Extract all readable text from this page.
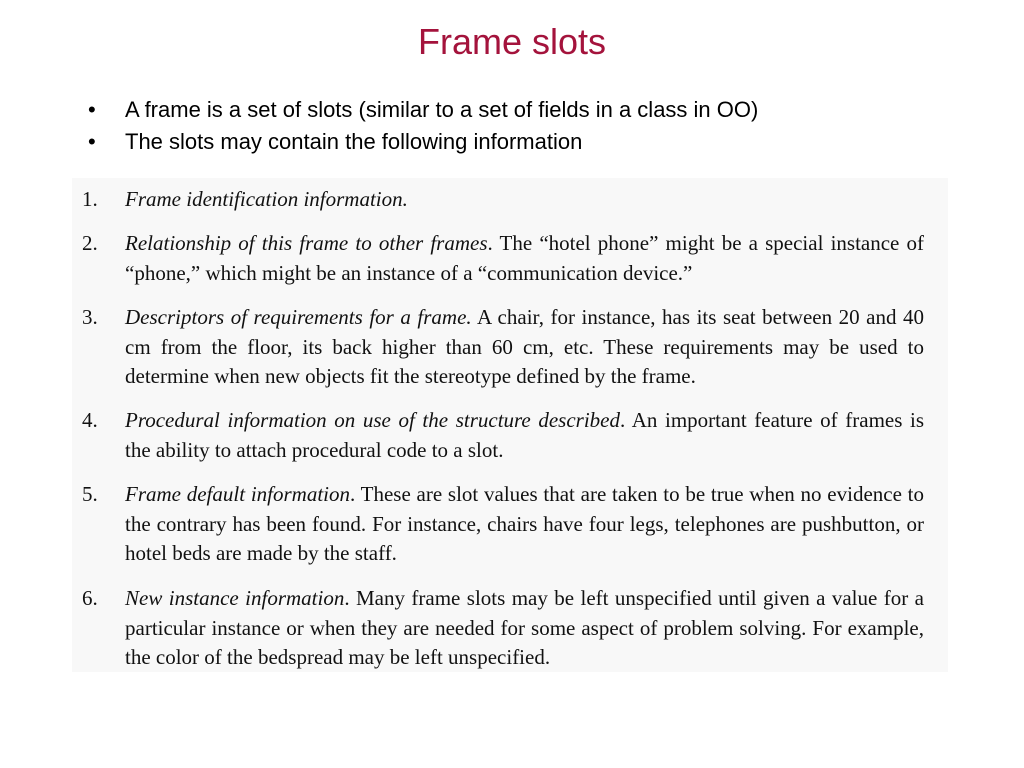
Frame slots
• A frame is a set of slots (similar to a set of fields in a class in OO)
• The slots may contain the following information
1. Frame identification information.
2. Relationship of this frame to other frames. The “hotel phone” might be a special instance of “phone,” which might be an instance of a “communication device.”
3. Descriptors of requirements for a frame. A chair, for instance, has its seat between 20 and 40 cm from the floor, its back higher than 60 cm, etc. These requirements may be used to determine when new objects fit the stereotype defined by the frame.
4. Procedural information on use of the structure described. An important feature of frames is the ability to attach procedural code to a slot.
5. Frame default information. These are slot values that are taken to be true when no evidence to the contrary has been found. For instance, chairs have four legs, telephones are pushbutton, or hotel beds are made by the staff.
6. New instance information. Many frame slots may be left unspecified until given a value for a particular instance or when they are needed for some aspect of problem solving. For example, the color of the bedspread may be left unspecified.
